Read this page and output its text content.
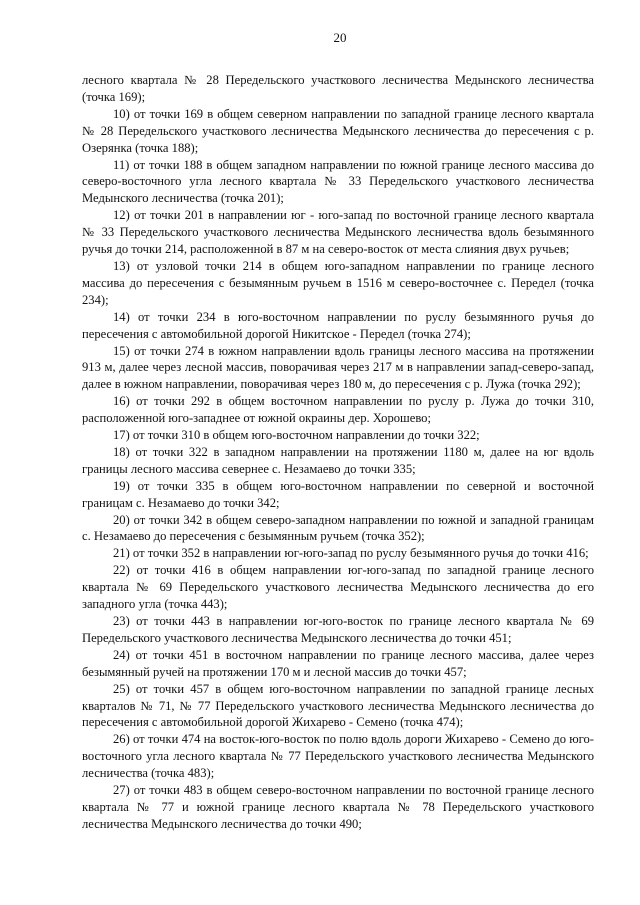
20

лесного квартала № 28 Передельского участкового лесничества Медынского лесничества (точка 169);

10) от точки 169 в общем северном направлении по западной границе лесного квартала № 28 Передельского участкового лесничества Медынского лесничества до пересечения с р. Озерянка (точка 188);

11) от точки 188 в общем западном направлении по южной границе лесного массива до северо-восточного угла лесного квартала № 33 Передельского участкового лесничества Медынского лесничества (точка 201);

12) от точки 201 в направлении юг - юго-запад по восточной границе лесного квартала № 33 Передельского участкового лесничества Медынского лесничества вдоль безымянного ручья до точки 214, расположенной в 87 м на северо-восток от места слияния двух ручьев;

13) от узловой точки 214 в общем юго-западном направлении по границе лесного массива до пересечения с безымянным ручьем в 1516 м северо-восточнее с. Передел (точка 234);

14) от точки 234 в юго-восточном направлении по руслу безымянного ручья до пересечения с автомобильной дорогой Никитское - Передел (точка 274);

15) от точки 274 в южном направлении вдоль границы лесного массива на протяжении 913 м, далее через лесной массив, поворачивая через 217 м в направлении запад-северо-запад, далее в южном направлении, поворачивая через 180 м, до пересечения с р. Лужа (точка 292);

16) от точки 292 в общем восточном направлении по руслу р. Лужа до точки 310, расположенной юго-западнее от южной окраины дер. Хорошево;

17) от точки 310 в общем юго-восточном направлении до точки 322;

18) от точки 322 в западном направлении на протяжении 1180 м, далее на юг вдоль границы лесного массива севернее с. Незамаево до точки 335;

19) от точки 335 в общем юго-восточном направлении по северной и восточной границам с. Незамаево до точки 342;

20) от точки 342 в общем северо-западном направлении по южной и западной границам с. Незамаево до пересечения с безымянным ручьем (точка 352);

21) от точки 352 в направлении юг-юго-запад по руслу безымянного ручья до точки 416;

22) от точки 416 в общем направлении юг-юго-запад по западной границе лесного квартала № 69 Передельского участкового лесничества Медынского лесничества до его западного угла (точка 443);

23) от точки 443 в направлении юг-юго-восток по границе лесного квартала № 69 Передельского участкового лесничества Медынского лесничества до точки 451;

24) от точки 451 в восточном направлении по границе лесного массива, далее через безымянный ручей на протяжении 170 м и лесной массив до точки 457;

25) от точки 457 в общем юго-восточном направлении по западной границе лесных кварталов № 71, № 77 Передельского участкового лесничества Медынского лесничества до пересечения с автомобильной дорогой Жихарево - Семено (точка 474);

26) от точки 474 на восток-юго-восток по полю вдоль дороги Жихарево - Семено до юго-восточного угла лесного квартала № 77 Передельского участкового лесничества Медынского лесничества (точка 483);

27) от точки 483 в общем северо-восточном направлении по восточной границе лесного квартала № 77 и южной границе лесного квартала № 78 Передельского участкового лесничества Медынского лесничества до точки 490;
